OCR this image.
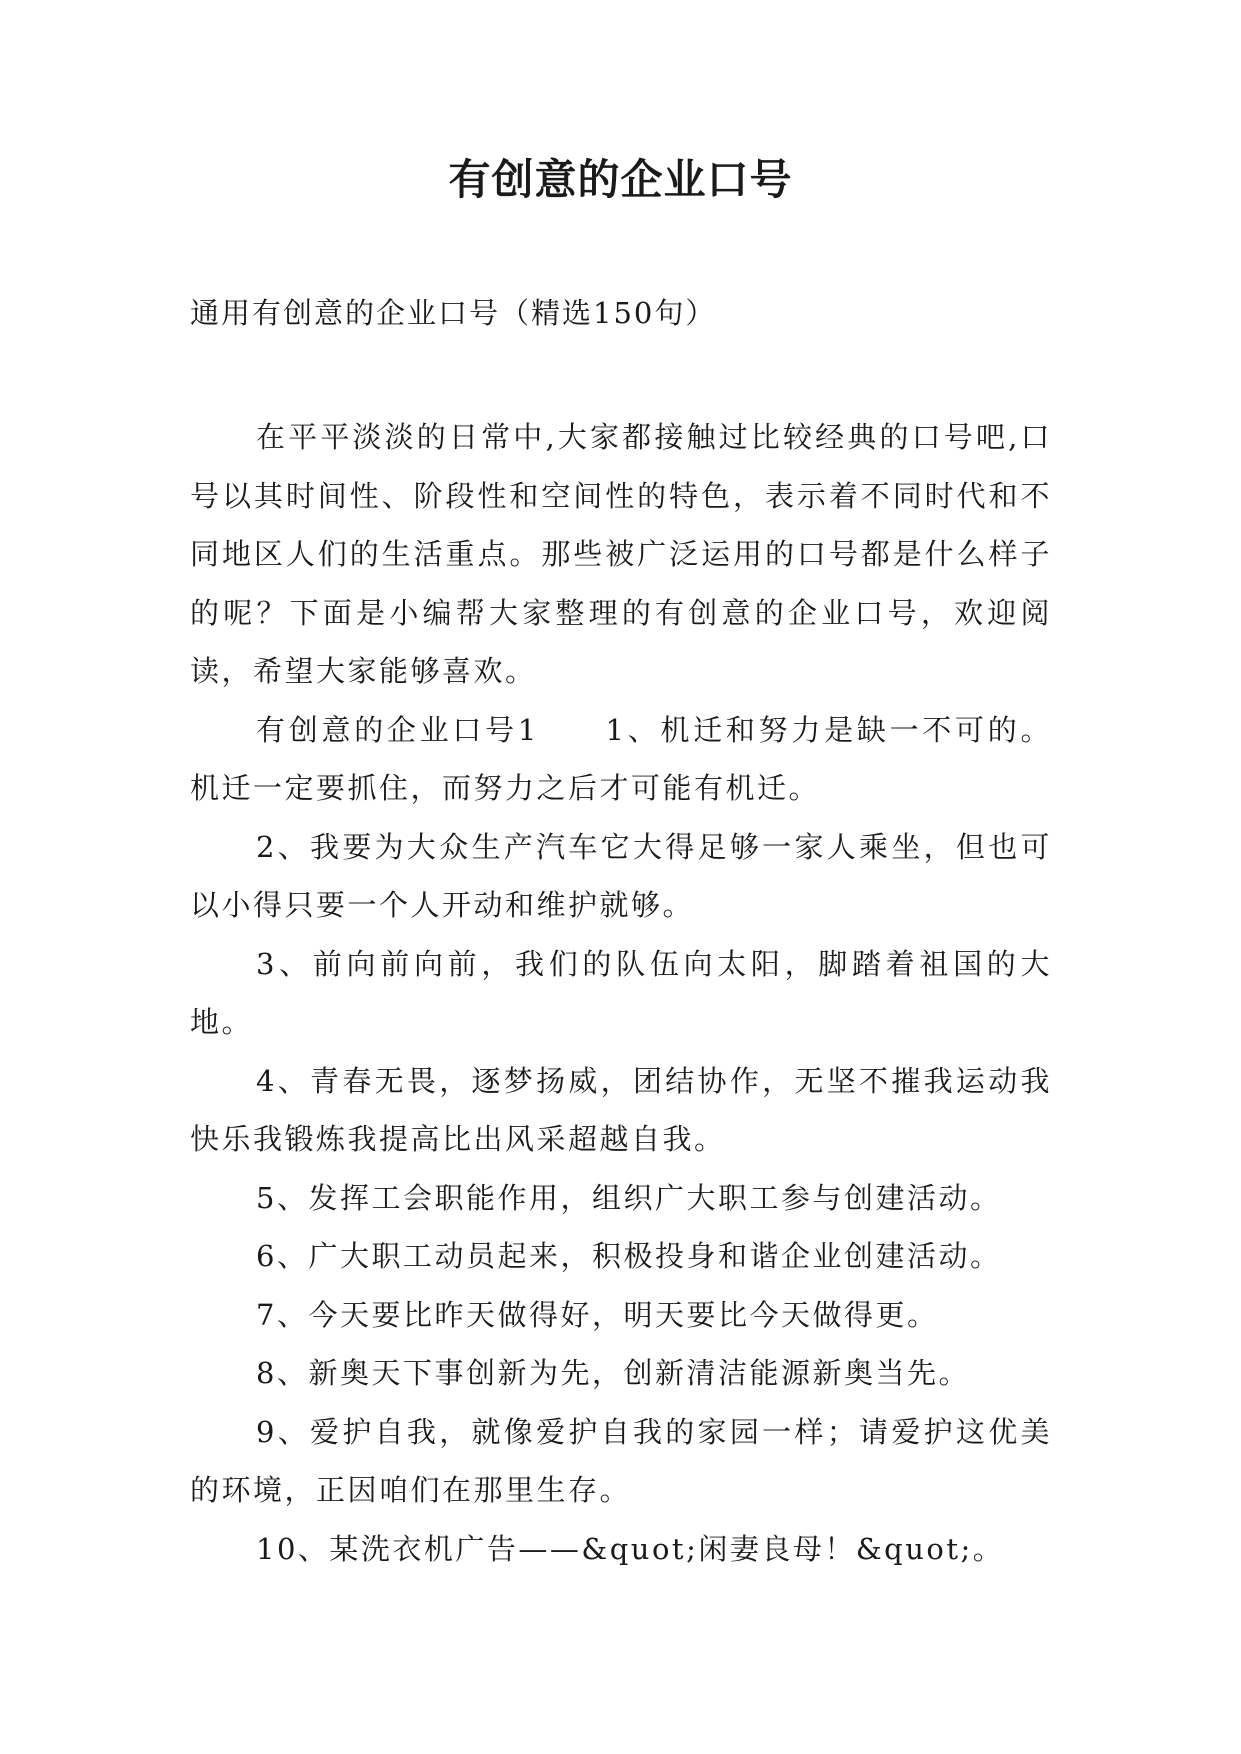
有创意的企业口号
通用有创意的企业口号（精选150句）

在平平淡淡的日常中,大家都接触过比较经典的口号吧,口号以其时间性、阶段性和空间性的特色，表示着不同时代和不同地区人们的生活重点。那些被广泛运用的口号都是什么样子的呢？下面是小编帮大家整理的有创意的企业口号，欢迎阅读，希望大家能够喜欢。

有创意的企业口号1　　1、机迁和努力是缺一不可的。机迁一定要抓住，而努力之后才可能有机迁。

2、我要为大众生产汽车它大得足够一家人乘坐，但也可以小得只要一个人开动和维护就够。

3、前向前向前，我们的队伍向太阳，脚踏着祖国的大地。

4、青春无畏，逐梦扬威，团结协作，无坚不摧我运动我快乐我锻炼我提高比出风采超越自我。

5、发挥工会职能作用，组织广大职工参与创建活动。

6、广大职工动员起来，积极投身和谐企业创建活动。

7、今天要比昨天做得好，明天要比今天做得更。

8、新奥天下事创新为先，创新清洁能源新奥当先。

9、爱护自我，就像爱护自我的家园一样；请爱护这优美的环境，正因咱们在那里生存。

10、某洗衣机广告——&quot;闲妻良母！&quot;。
